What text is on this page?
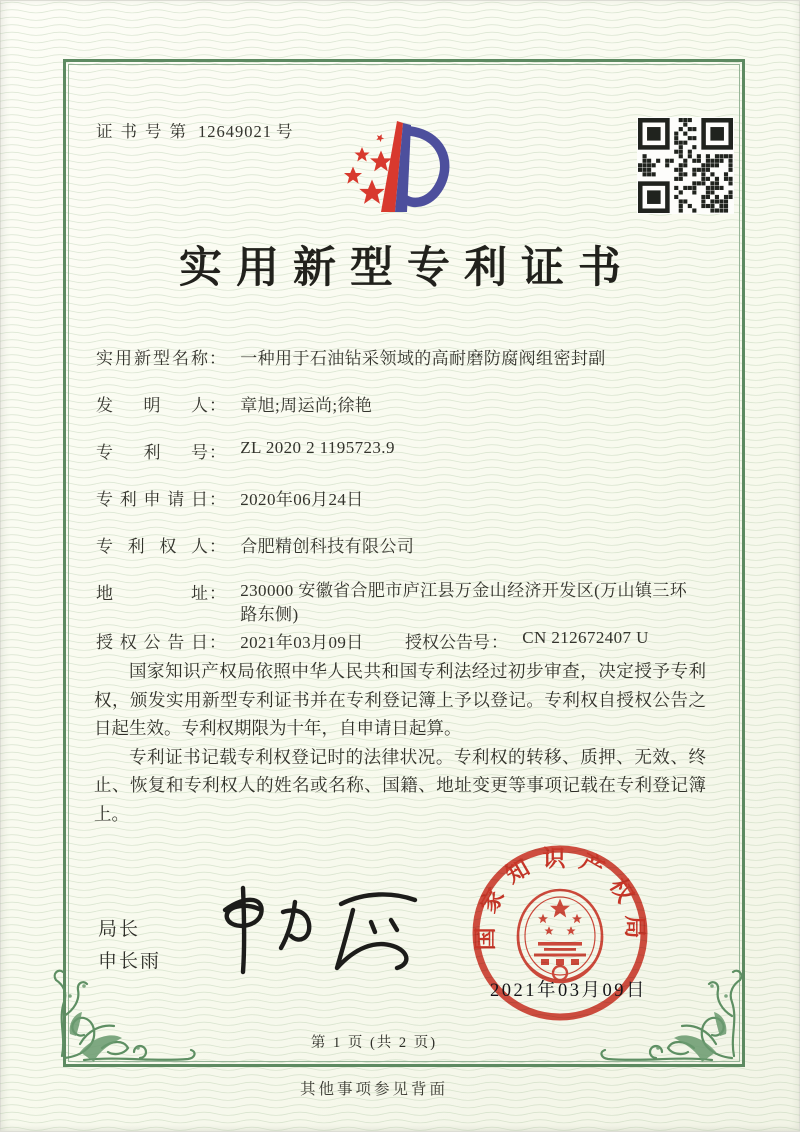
证书号第 12649021 号
实用新型专利证书
实用新型名称： 一种用于石油钻采领域的高耐磨防腐阀组密封副
发明人： 章旭;周运尚;徐艳
专利号： ZL 2020 2 1195723.9
专利申请日： 2020年06月24日
专利权人： 合肥精创科技有限公司
地址： 230000 安徽省合肥市庐江县万金山经济开发区(万山镇三环路东侧)
授权公告日： 2021年03月09日 授权公告号： CN 212672407 U

国家知识产权局依照中华人民共和国专利法经过初步审查，决定授予专利权，颁发实用新型专利证书并在专利登记簿上予以登记。专利权自授权公告之日起生效。专利权期限为十年，自申请日起算。

专利证书记载专利权登记时的法律状况。专利权的转移、质押、无效、终止、恢复和专利权人的姓名或名称、国籍、地址变更等事项记载在专利登记簿上。

局长
申长雨
国家知识产权局
2021年03月09日
第 1 页 (共 2 页)
其他事项参见背面
